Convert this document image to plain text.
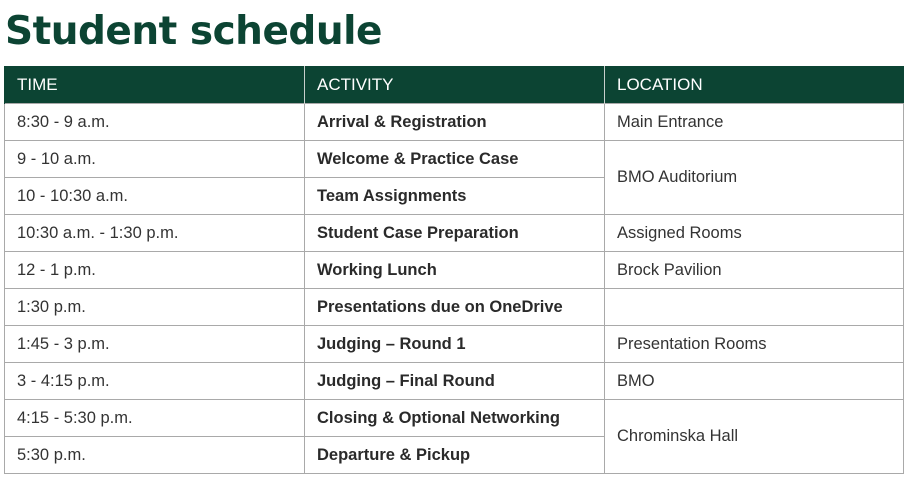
Student schedule
TIME	ACTIVITY	LOCATION
8:30 - 9 a.m.	Arrival & Registration	Main Entrance
9 - 10 a.m.	Welcome & Practice Case	BMO Auditorium
10 - 10:30 a.m.	Team Assignments	
10:30 a.m. - 1:30 p.m.	Student Case Preparation	Assigned Rooms
12 - 1 p.m.	Working Lunch	Brock Pavilion
1:30 p.m.	Presentations due on OneDrive	
1:45 - 3 p.m.	Judging – Round 1	Presentation Rooms
3 - 4:15 p.m.	Judging – Final Round	BMO
4:15 - 5:30 p.m.	Closing & Optional Networking	Chrominska Hall
5:30 p.m.	Departure & Pickup	
